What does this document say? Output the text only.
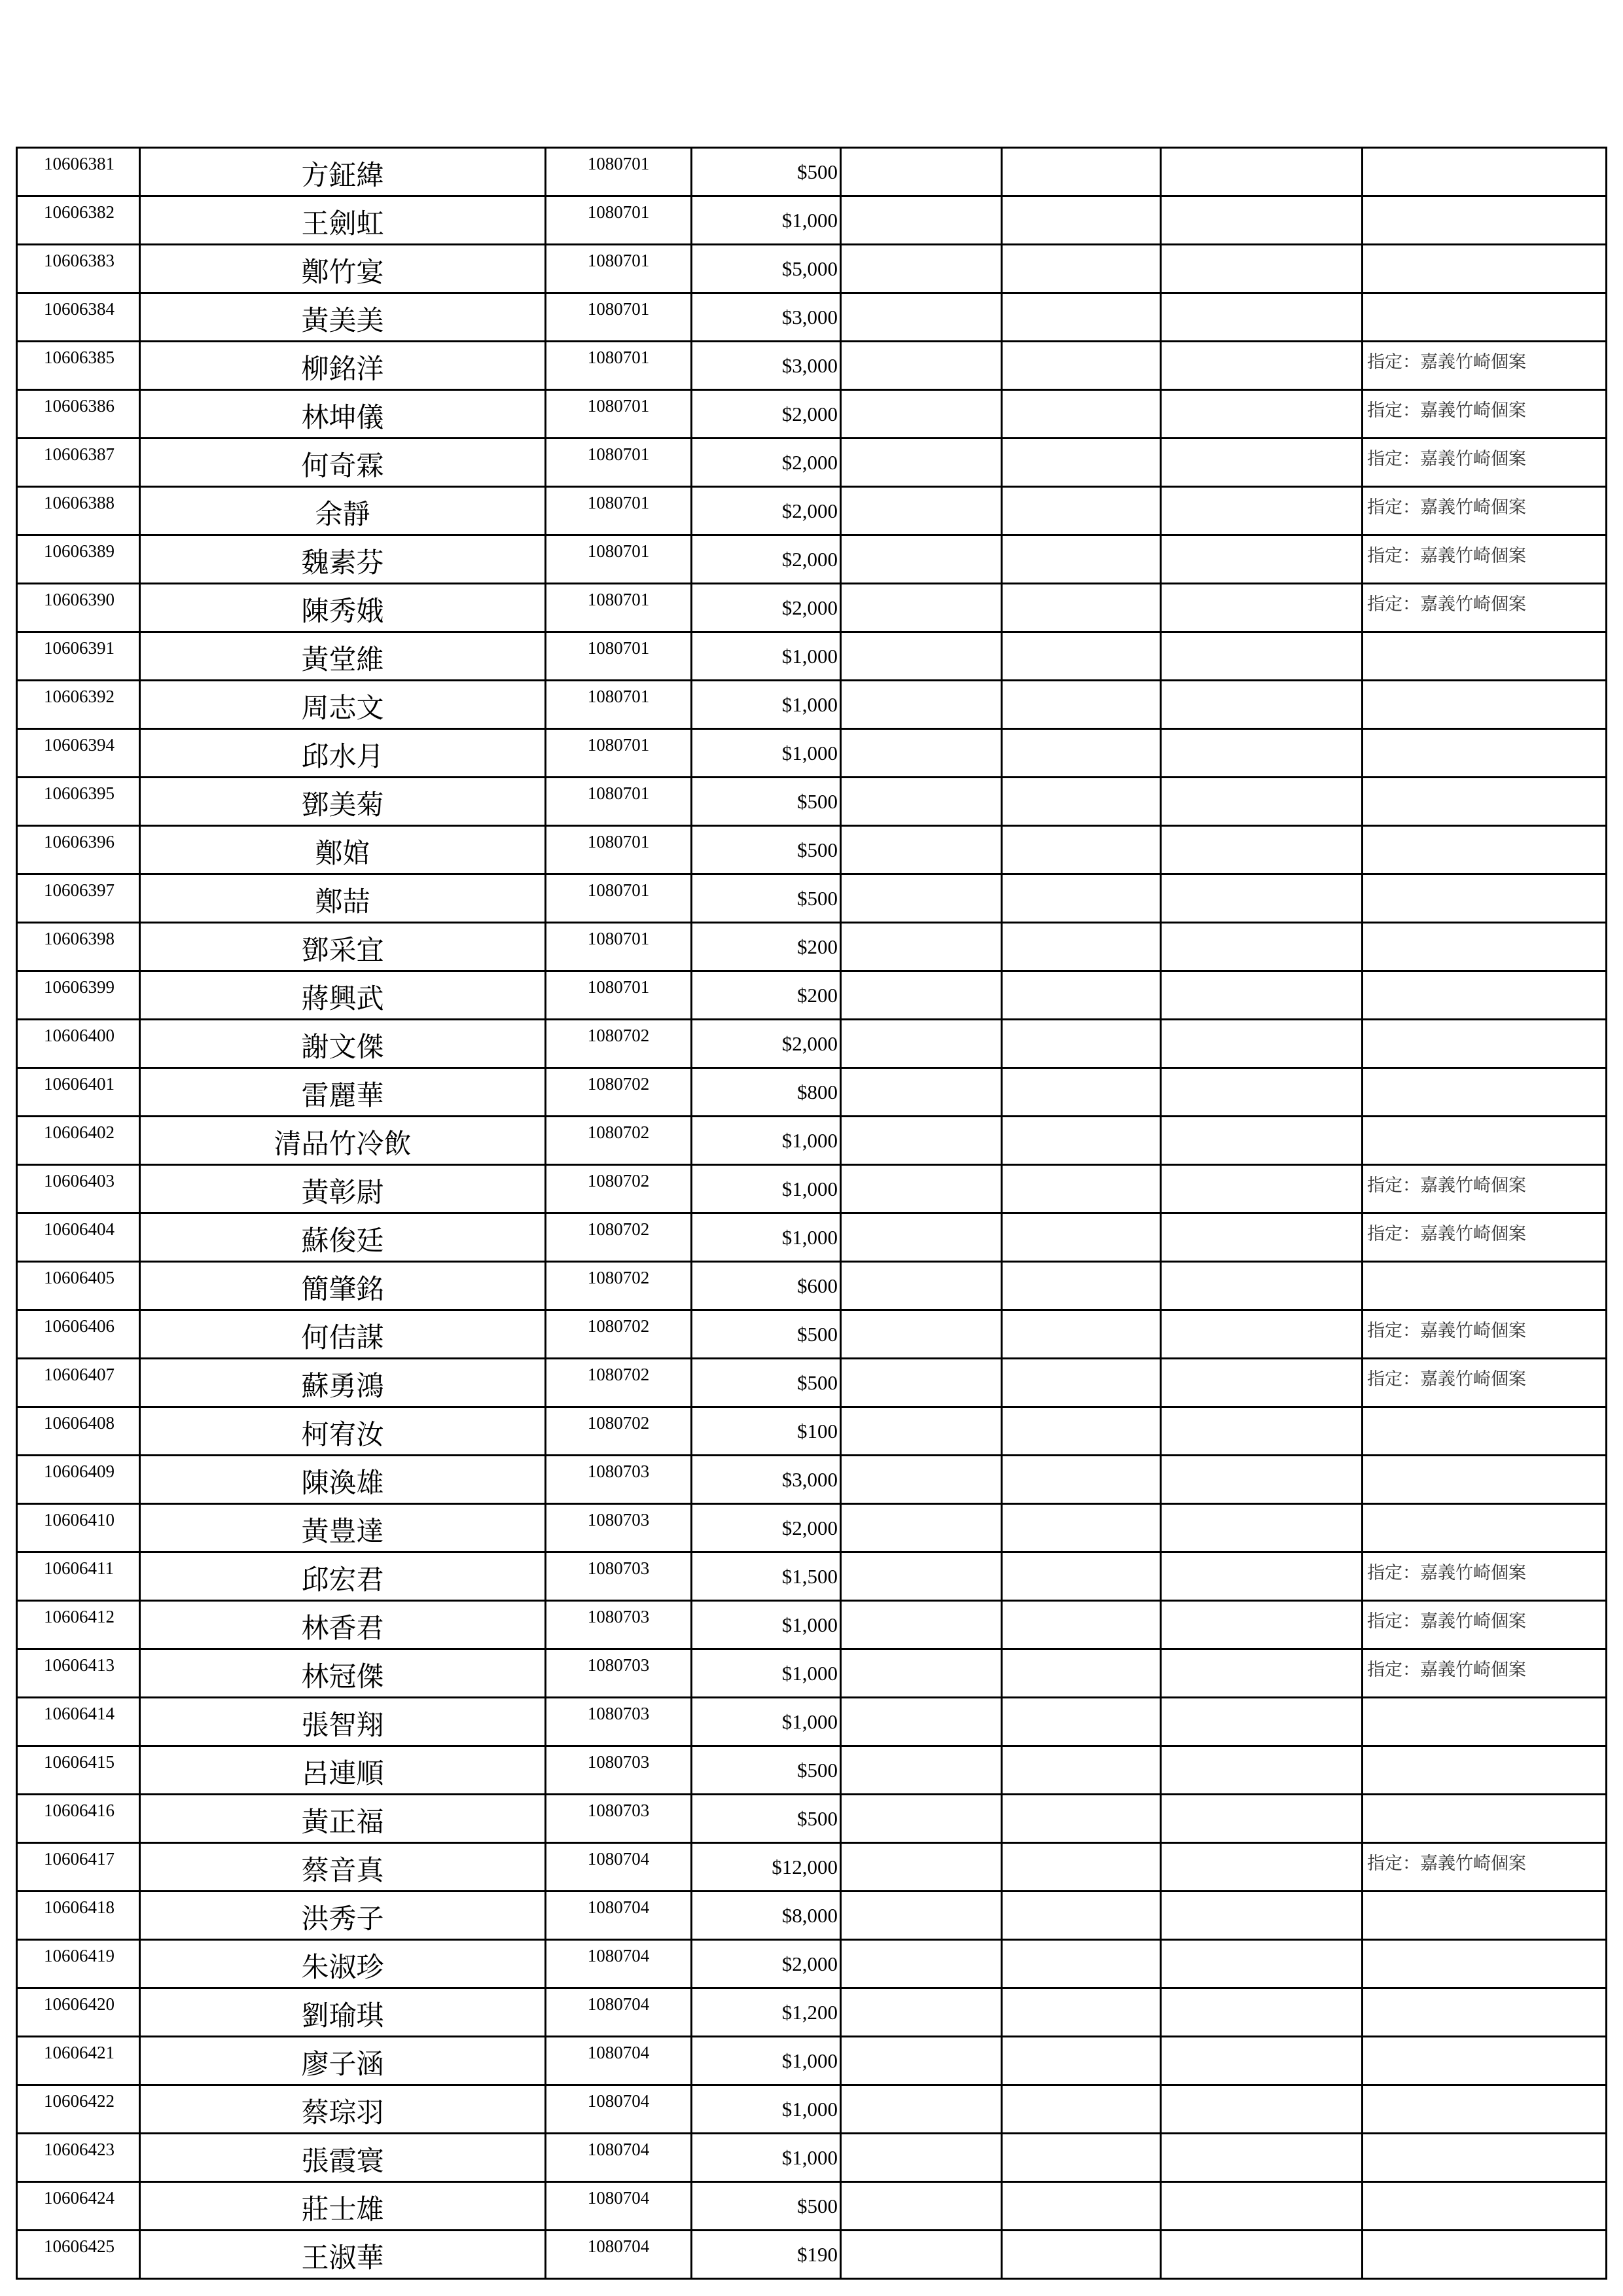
10606381	方鉦緯	1080701	$500				
10606382	王劍虹	1080701	$1,000				
10606383	鄭竹宴	1080701	$5,000				
10606384	黃美美	1080701	$3,000				
10606385	柳銘洋	1080701	$3,000				指定：嘉義竹崎個案
10606386	林坤儀	1080701	$2,000				指定：嘉義竹崎個案
10606387	何奇霖	1080701	$2,000				指定：嘉義竹崎個案
10606388	余靜	1080701	$2,000				指定：嘉義竹崎個案
10606389	魏素芬	1080701	$2,000				指定：嘉義竹崎個案
10606390	陳秀娥	1080701	$2,000				指定：嘉義竹崎個案
10606391	黃堂維	1080701	$1,000				
10606392	周志文	1080701	$1,000				
10606394	邱水月	1080701	$1,000				
10606395	鄧美菊	1080701	$500				
10606396	鄭婠	1080701	$500				
10606397	鄭喆	1080701	$500				
10606398	鄧采宜	1080701	$200				
10606399	蔣興武	1080701	$200				
10606400	謝文傑	1080702	$2,000				
10606401	雷麗華	1080702	$800				
10606402	清品竹冷飲	1080702	$1,000				
10606403	黃彰尉	1080702	$1,000				指定：嘉義竹崎個案
10606404	蘇俊廷	1080702	$1,000				指定：嘉義竹崎個案
10606405	簡肇銘	1080702	$600				
10606406	何佶謀	1080702	$500				指定：嘉義竹崎個案
10606407	蘇勇鴻	1080702	$500				指定：嘉義竹崎個案
10606408	柯宥汝	1080702	$100				
10606409	陳渙雄	1080703	$3,000				
10606410	黃豊達	1080703	$2,000				
10606411	邱宏君	1080703	$1,500				指定：嘉義竹崎個案
10606412	林香君	1080703	$1,000				指定：嘉義竹崎個案
10606413	林冠傑	1080703	$1,000				指定：嘉義竹崎個案
10606414	張智翔	1080703	$1,000				
10606415	呂連順	1080703	$500				
10606416	黃正福	1080703	$500				
10606417	蔡音真	1080704	$12,000				指定：嘉義竹崎個案
10606418	洪秀子	1080704	$8,000				
10606419	朱淑珍	1080704	$2,000				
10606420	劉瑜琪	1080704	$1,200				
10606421	廖子涵	1080704	$1,000				
10606422	蔡琮羽	1080704	$1,000				
10606423	張霞寰	1080704	$1,000				
10606424	莊士雄	1080704	$500				
10606425	王淑華	1080704	$190				
